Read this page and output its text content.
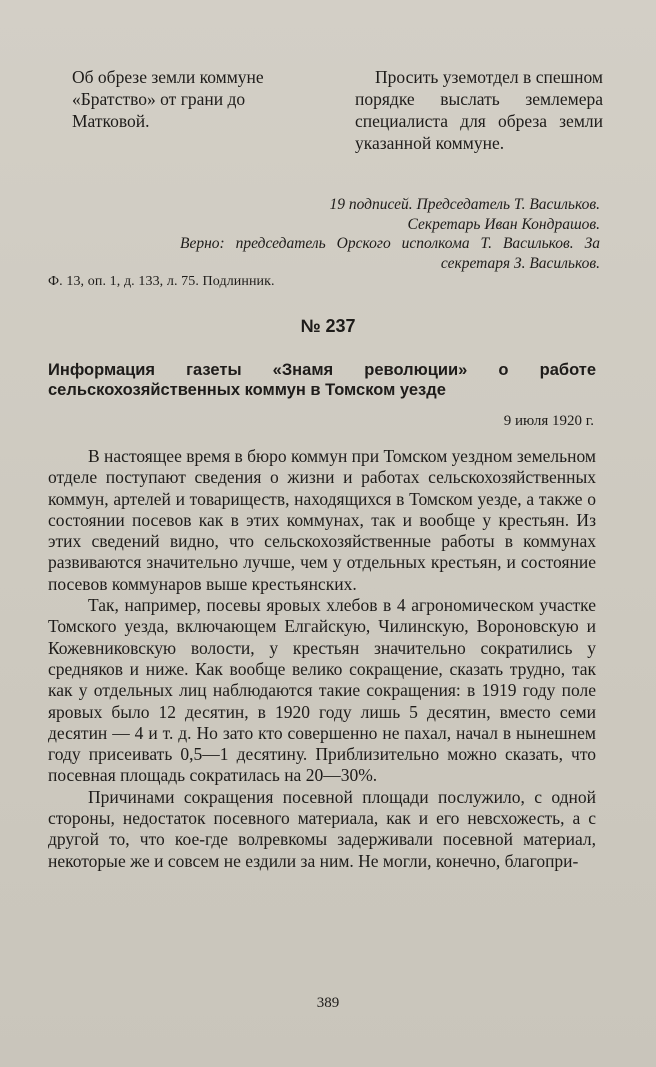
Об обрезе земли коммуне «Братство» от грани до Матковой.
Просить уземотдел в спешном порядке выслать землемера специалиста для обреза земли указанной коммуне.
19 подписей. Председатель Т. Васильков.
Секретарь Иван Кондрашов.
Верно: председатель Орского исполкома Т. Васильков. За секретаря З. Васильков.
Ф. 13, оп. 1, д. 133, л. 75. Подлинник.
№ 237
Информация газеты «Знамя революции» о работе сельскохозяйственных коммун в Томском уезде
9 июля 1920 г.

В настоящее время в бюро коммун при Томском уездном земельном отделе поступают сведения о жизни и работах сельскохозяйственных коммун, артелей и товариществ, находящихся в Томском уезде, а также о состоянии посевов как в этих коммунах, так и вообще у крестьян. Из этих сведений видно, что сельскохозяйственные работы в коммунах развиваются значительно лучше, чем у отдельных крестьян, и состояние посевов коммунаров выше крестьянских.

Так, например, посевы яровых хлебов в 4 агрономическом участке Томского уезда, включающем Елгайскую, Чилинскую, Вороновскую и Кожевниковскую волости, у крестьян значительно сократились у средняков и ниже. Как вообще велико сокращение, сказать трудно, так как у отдельных лиц наблюдаются такие сокращения: в 1919 году поле яровых было 12 десятин, в 1920 году лишь 5 десятин, вместо семи десятин — 4 и т. д. Но зато кто совершенно не пахал, начал в нынешнем году присеивать 0,5—1 десятину. Приблизительно можно сказать, что посевная площадь сократилась на 20—30%.

Причинами сокращения посевной площади послужило, с одной стороны, недостаток посевного материала, как и его невсхожесть, а с другой то, что кое-где волревкомы задерживали посевной материал, некоторые же и совсем не ездили за ним. Не могли, конечно, благопри-

389
